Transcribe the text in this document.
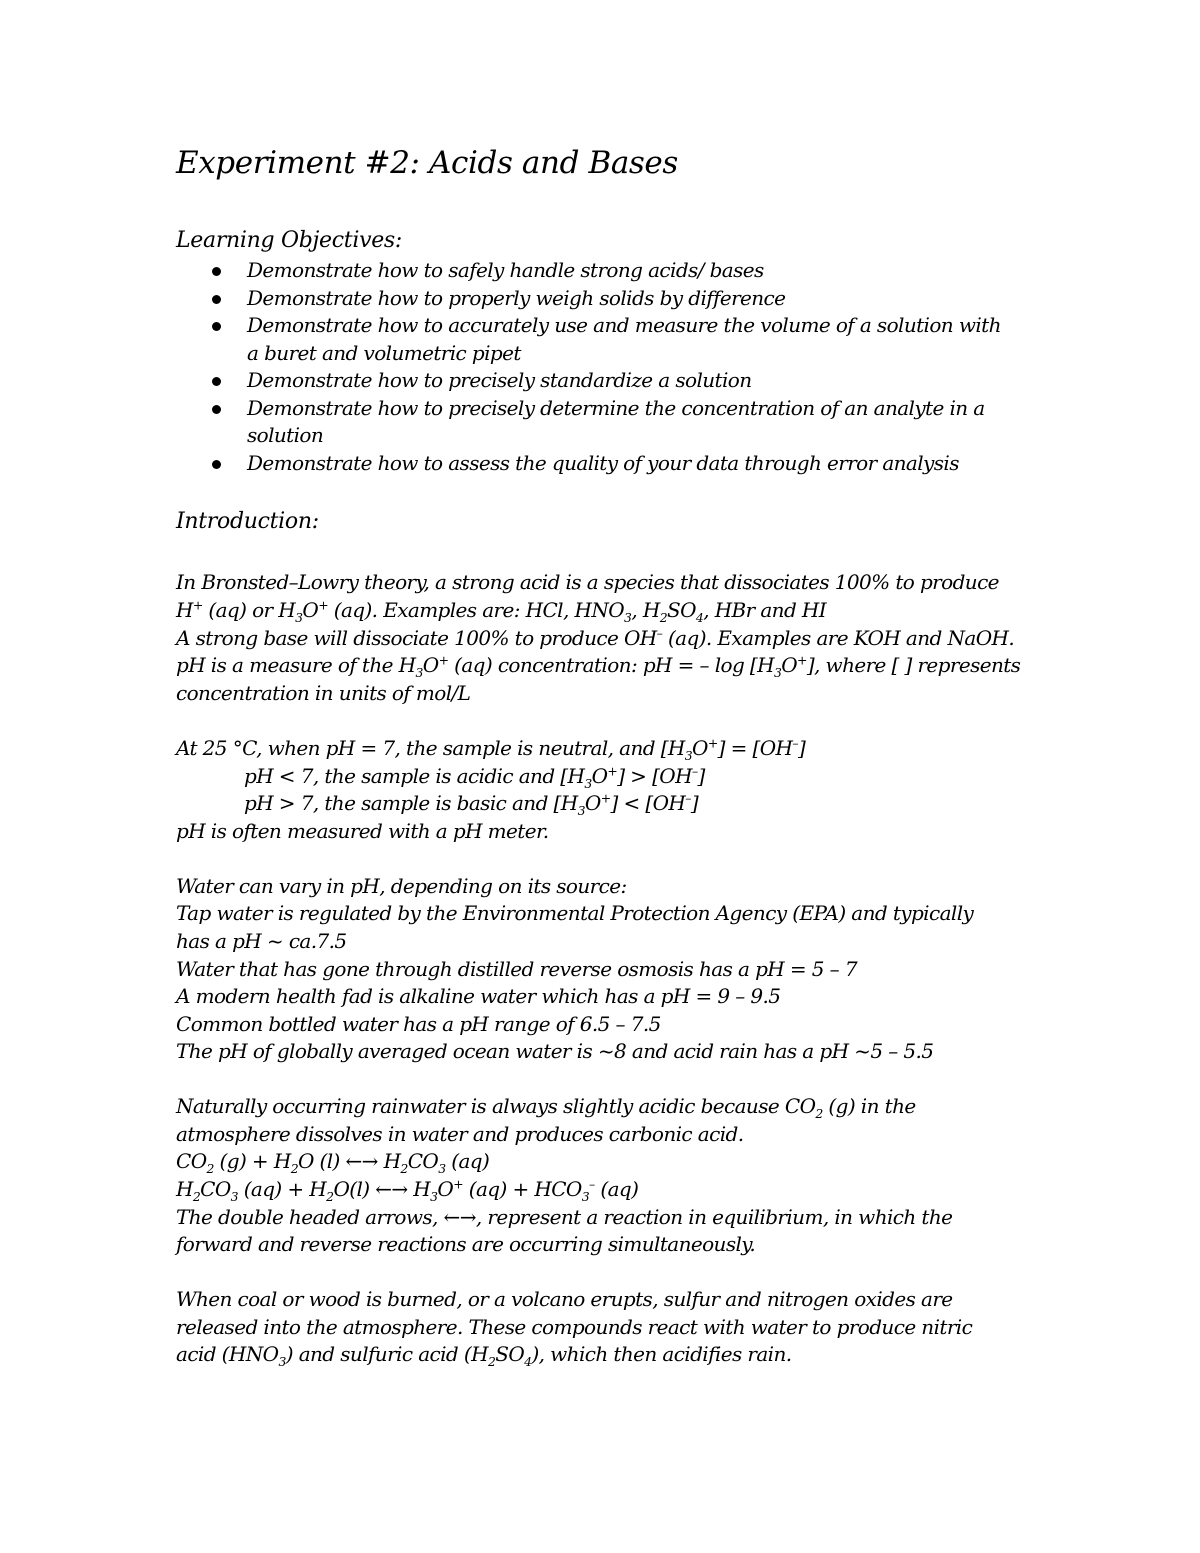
Experiment #2: Acids and Bases
Learning Objectives:
Demonstrate how to safely handle strong acids/ bases
Demonstrate how to properly weigh solids by difference
Demonstrate how to accurately use and measure the volume of a solution with
a buret and volumetric pipet
Demonstrate how to precisely standardize a solution
Demonstrate how to precisely determine the concentration of an analyte in a
solution
Demonstrate how to assess the quality of your data through error analysis
Introduction:
In Bronsted–Lowry theory, a strong acid is a species that dissociates 100% to produce
H+ (aq) or $H_3O^+$ (aq). Examples are: HCl, $HNO_3$, $H_2SO_4$, HBr and HI
A strong base will dissociate 100% to produce OH– (aq). Examples are KOH and NaOH.
pH is a measure of the $H_3O^+$ (aq) concentration: pH = – $\log [H_3O^+]$, where [ ] represents
concentration in units of mol/L
At 25 °C, when pH = 7, the sample is neutral, and $[H_3O^+] = [OH^-]$
pH < 7, the sample is acidic and $[H_3O^+] > [OH^-]$
pH > 7, the sample is basic and $[H_3O^+] < [OH^-]$
pH is often measured with a pH meter.
Water can vary in pH, depending on its source:
Tap water is regulated by the Environmental Protection Agency (EPA) and typically
has a pH ~ ca.7.5
Water that has gone through distilled reverse osmosis has a pH = 5 – 7
A modern health fad is alkaline water which has a pH = 9 – 9.5
Common bottled water has a pH range of 6.5 – 7.5
The pH of globally averaged ocean water is ~8 and acid rain has a pH ~5 – 5.5
Naturally occurring rainwater is always slightly acidic because $CO_2$ (g) in the
atmosphere dissolves in water and produces carbonic acid.
$CO_2$ $(g) + H_2O$ (l) ←→ $H_2CO_3$ (aq)
$H_2CO_3$ $(aq) + H_2O(l)$ ←→ $H_3O^+$ $(aq) + HCO_3^-$ (aq)
The double headed arrows, ←→, represent a reaction in equilibrium, in which the
forward and reverse reactions are occurring simultaneously.
When coal or wood is burned, or a volcano erupts, sulfur and nitrogen oxides are
released into the atmosphere. These compounds react with water to produce nitric
acid $(HNO_3)$ and sulfuric acid $(H_2SO_4)$, which then acidifies rain.
